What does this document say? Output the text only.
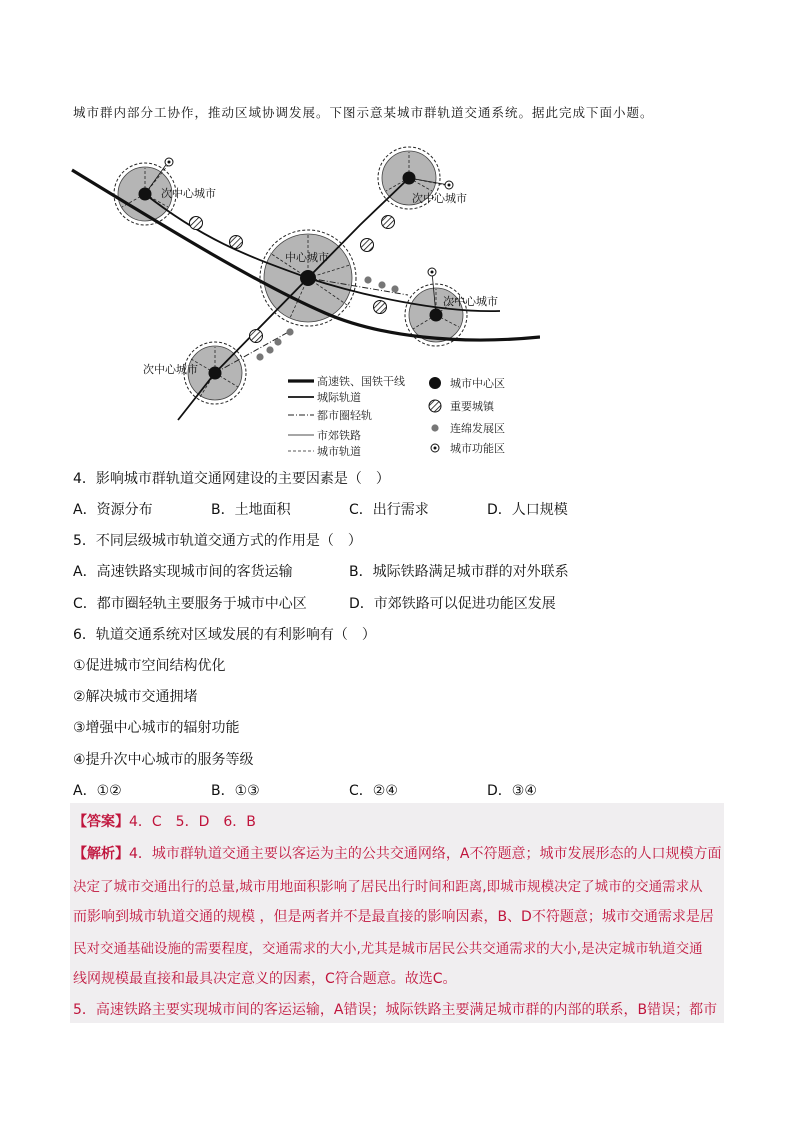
城市群内部分工协作，推动区域协调发展。下图示意某城市群轨道交通系统。据此完成下面小题。
次中心城市	次中心城市
中心城市
次中心城市
次中心城市
高速铁、国铁干线
城际轨道
都市圈轻轨
市郊铁路
城市轨道
城市中心区
重要城镇
连绵发展区
城市功能区
4．影响城市群轨道交通网建设的主要因素是（　）
A．资源分布	B．土地面积	C．出行需求	D．人口规模
5．不同层级城市轨道交通方式的作用是（　）
A．高速铁路实现城市间的客货运输	B．城际铁路满足城市群的对外联系
C．都市圈轻轨主要服务于城市中心区	D．市郊铁路可以促进功能区发展
6．轨道交通系统对区域发展的有利影响有（　）
①促进城市空间结构优化
②解决城市交通拥堵
③增强中心城市的辐射功能
④提升次中心城市的服务等级
A．①②	B．①③	C．②④	D．③④
【答案】4．C　5．D　6．B
【解析】4．城市群轨道交通主要以客运为主的公共交通网络，A不符题意；城市发展形态的人口规模方面
决定了城市交通出行的总量,城市用地面积影响了居民出行时间和距离,即城市规模决定了城市的交通需求从
而影响到城市轨道交通的规模 ，但是两者并不是最直接的影响因素，B、D不符题意；城市交通需求是居
民对交通基础设施的需要程度，交通需求的大小,尤其是城市居民公共交通需求的大小,是决定城市轨道交通
线网规模最直接和最具决定意义的因素，C符合题意。故选C。
5．高速铁路主要实现城市间的客运运输，A错误；城际铁路主要满足城市群的内部的联系，B错误；都市
